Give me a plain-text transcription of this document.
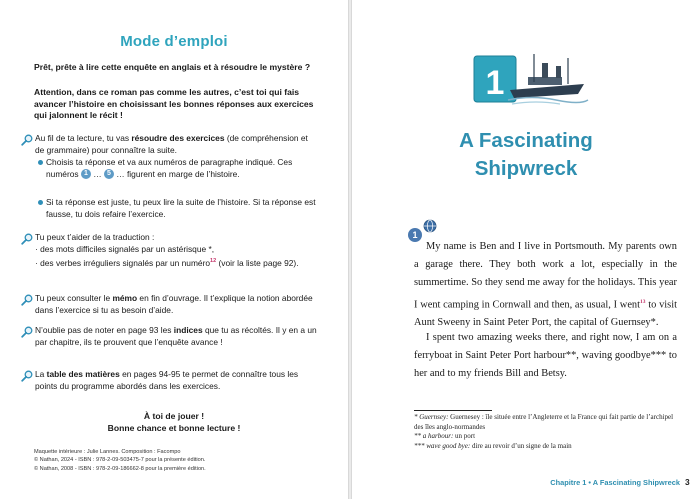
Mode d’emploi

Prêt, prête à lire cette enquête en anglais et à résoudre le mystère ?

Attention, dans ce roman pas comme les autres, c’est toi qui fais avancer l’histoire en choisissant les bonnes réponses aux exercices qui jalonnent le récit !

Au fil de ta lecture, tu vas résoudre des exercices (de compréhension et de grammaire) pour connaître la suite.

Choisis ta réponse et va aux numéros de paragraphe indiqué. Ces numéros 1 … 5 … figurent en marge de l’histoire.

Si ta réponse est juste, tu peux lire la suite de l’histoire. Si ta réponse est fausse, tu dois refaire l’exercice.

Tu peux t’aider de la traduction :

· des mots difficiles signalés par un astérisque *,

· des verbes irréguliers signalés par un numéro$^{12}$ (voir la liste page 92).

Tu peux consulter le mémo en fin d’ouvrage. Il t’explique la notion abordée dans l’exercice si tu as besoin d’aide.

N’oublie pas de noter en page 93 les indices que tu as récoltés. Il y en a un par chapitre, ils te prouvent que l’enquête avance !

La table des matières en pages 94-95 te permet de connaître tous les points du programme abordés dans les exercices.

À toi de jouer !
Bonne chance et bonne lecture !
Maquette intérieure : Julie Lannes. Composition : Facompo
© Nathan, 2024 - ISBN : 978-2-09-503475-7 pour la présente édition.
© Nathan, 2008 - ISBN : 978-2-09-186662-8 pour la première édition.
1
A Fascinating
Shipwreck
1

My name is Ben and I live in Portsmouth. My parents own a garage there. They both work a lot, especially in the summertime. So they send me away for the holidays. This year I went camping in Cornwall and then, as usual, I went$^{13}$ to visit Aunt Sweeny in Saint Peter Port, the capital of Guernsey*.

I spent two amazing weeks there, and right now, I am on a ferryboat in Saint Peter Port harbour**, waving goodbye*** to her and to my friends Bill and Betsy.

* Guernsey: Guernesey : île située entre l’Angleterre et la France qui fait partie de l’archipel des îles anglo-normandes
** a harbour: un port
*** wave good bye: dire au revoir d’un signe de la main
Chapitre 1 • A Fascinating Shipwreck 3
